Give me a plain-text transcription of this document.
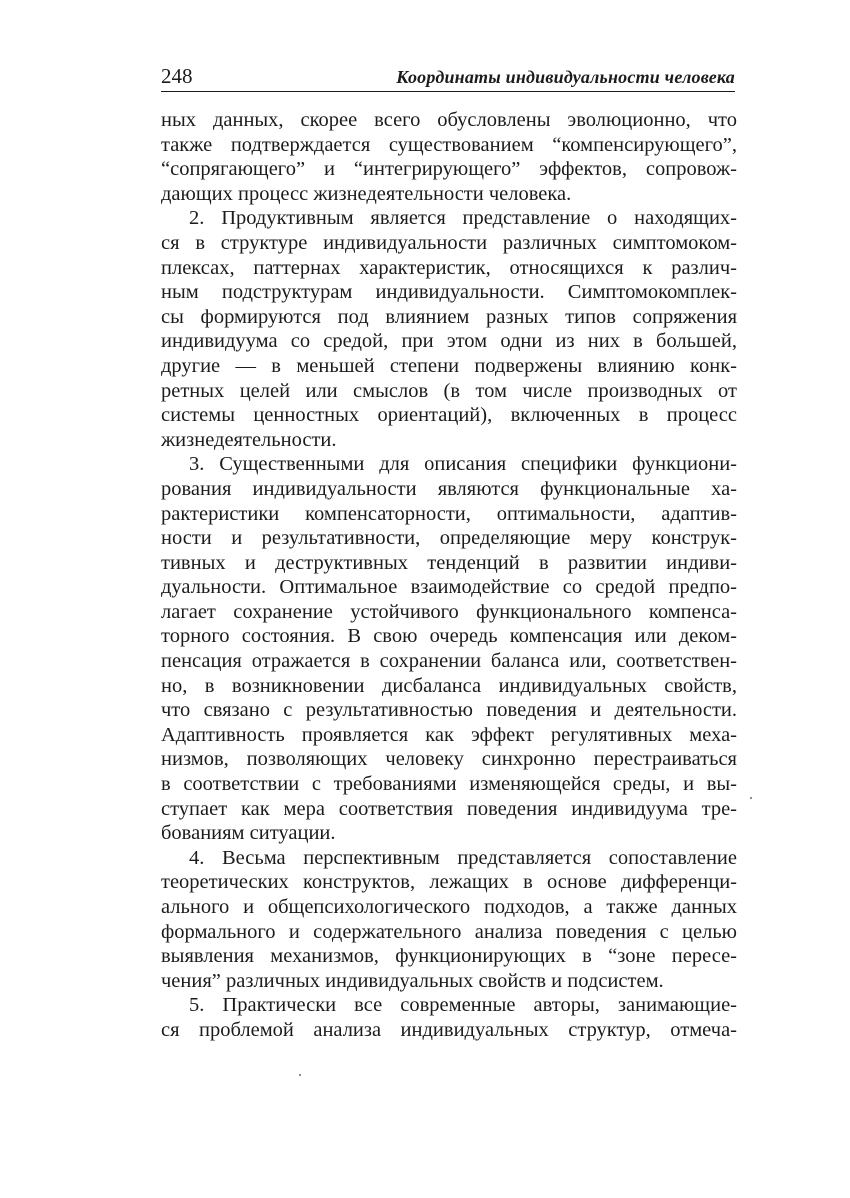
248	Координаты индивидуальности человека
ных данных, скорее всего обусловлены эволюционно, что
также подтверждается существованием “компенсирующего”,
“сопрягающего” и “интегрирующего” эффектов, сопровож-
дающих процесс жизнедеятельности человека.
2. Продуктивным является представление о находящих-
ся в структуре индивидуальности различных симптомоком-
плексах, паттернах характеристик, относящихся к различ-
ным подструктурам индивидуальности. Симптомокомплек-
сы формируются под влиянием разных типов сопряжения
индивидуума со средой, при этом одни из них в большей,
другие — в меньшей степени подвержены влиянию конк-
ретных целей или смыслов (в том числе производных от
системы ценностных ориентаций), включенных в процесс
жизнедеятельности.
3. Существенными для описания специфики функциони-
рования индивидуальности являются функциональные ха-
рактеристики компенсаторности, оптимальности, адаптив-
ности и результативности, определяющие меру конструк-
тивных и деструктивных тенденций в развитии индиви-
дуальности. Оптимальное взаимодействие со средой предпо-
лагает сохранение устойчивого функционального компенса-
торного состояния. В свою очередь компенсация или деком-
пенсация отражается в сохранении баланса или, соответствен-
но, в возникновении дисбаланса индивидуальных свойств,
что связано с результативностью поведения и деятельности.
Адаптивность проявляется как эффект регулятивных меха-
низмов, позволяющих человеку синхронно перестраиваться
в соответствии с требованиями изменяющейся среды, и вы-
ступает как мера соответствия поведения индивидуума тре-
бованиям ситуации.
4. Весьма перспективным представляется сопоставление
теоретических конструктов, лежащих в основе дифференци-
ального и общепсихологического подходов, а также данных
формального и содержательного анализа поведения с целью
выявления механизмов, функционирующих в “зоне пересе-
чения” различных индивидуальных свойств и подсистем.
5. Практически все современные авторы, занимающие-
ся проблемой анализа индивидуальных структур, отмеча-
